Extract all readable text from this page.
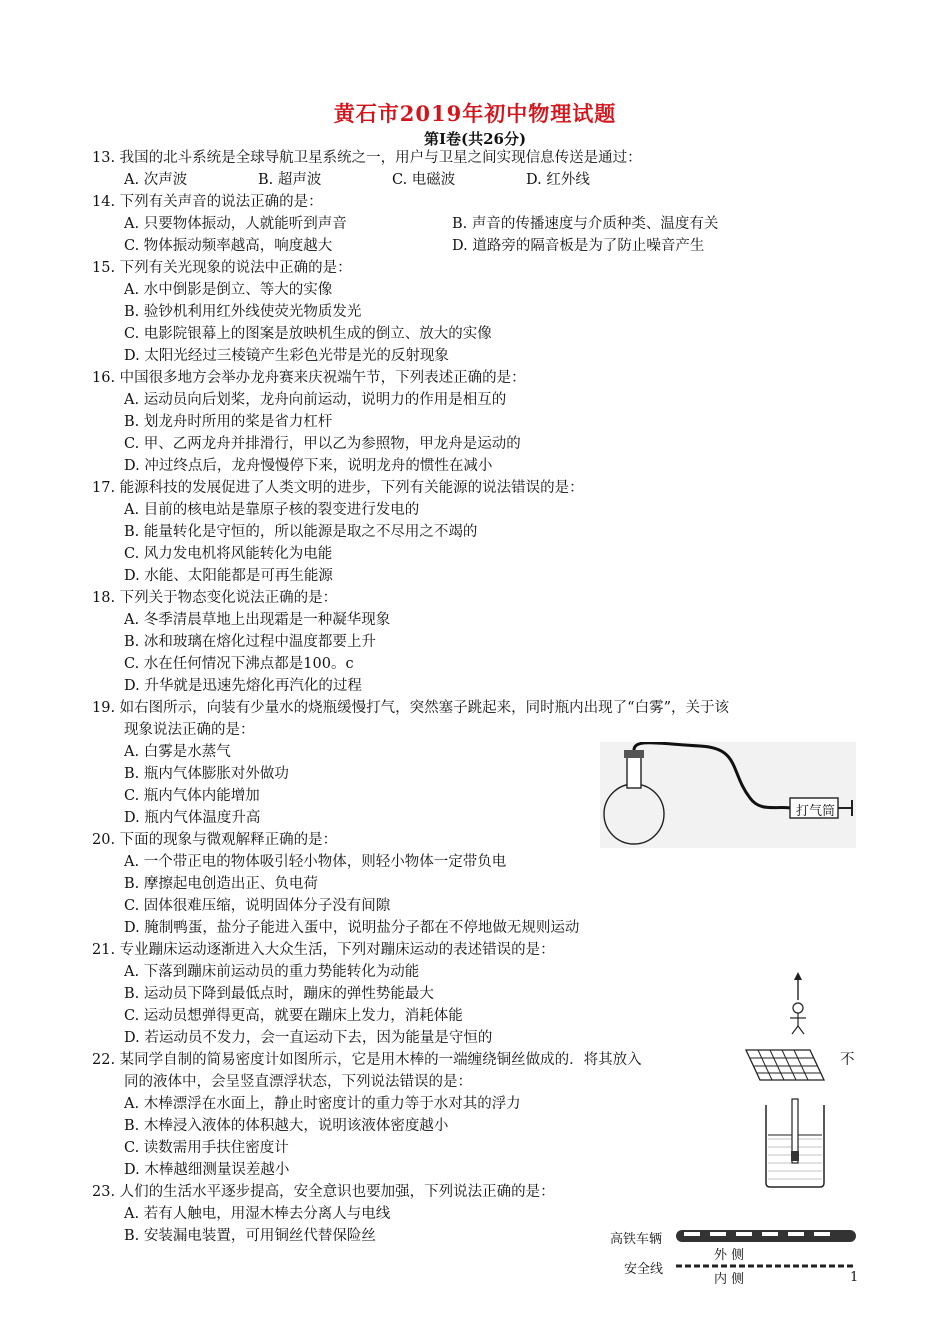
黄石市2019年初中物理试题
第I卷(共26分)
13. 我国的北斗系统是全球导航卫星系统之一，用户与卫星之间实现信息传送是通过：
A. 次声波	B. 超声波	C. 电磁波	D. 红外线
14. 下列有关声音的说法正确的是：
A. 只要物体振动，人就能听到声音	B. 声音的传播速度与介质种类、温度有关
C. 物体振动频率越高，响度越大	D. 道路旁的隔音板是为了防止噪音产生
15. 下列有关光现象的说法中正确的是：
A. 水中倒影是倒立、等大的实像
B. 验钞机利用红外线使荧光物质发光
C. 电影院银幕上的图案是放映机生成的倒立、放大的实像
D. 太阳光经过三棱镜产生彩色光带是光的反射现象
16. 中国很多地方会举办龙舟赛来庆祝端午节，下列表述正确的是：
A. 运动员向后划桨，龙舟向前运动，说明力的作用是相互的
B. 划龙舟时所用的桨是省力杠杆
C. 甲、乙两龙舟并排滑行，甲以乙为参照物，甲龙舟是运动的
D. 冲过终点后，龙舟慢慢停下来，说明龙舟的惯性在减小
17. 能源科技的发展促进了人类文明的进步，下列有关能源的说法错误的是：
A. 目前的核电站是靠原子核的裂变进行发电的
B. 能量转化是守恒的，所以能源是取之不尽用之不竭的
C. 风力发电机将风能转化为电能
D. 水能、太阳能都是可再生能源
18. 下列关于物态变化说法正确的是：
A. 冬季清晨草地上出现霜是一种凝华现象
B. 冰和玻璃在熔化过程中温度都要上升
C. 水在任何情况下沸点都是100。c
D. 升华就是迅速先熔化再汽化的过程
19. 如右图所示，向装有少量水的烧瓶缓慢打气，突然塞子跳起来，同时瓶内出现了“白雾”，关于该
现象说法正确的是：
A. 白雾是水蒸气
B. 瓶内气体膨胀对外做功
C. 瓶内气体内能增加
D. 瓶内气体温度升高	打气筒
20. 下面的现象与微观解释正确的是：
A. 一个带正电的物体吸引轻小物体，则轻小物体一定带负电
B. 摩擦起电创造出正、负电荷
C. 固体很难压缩，说明固体分子没有间隙
D. 腌制鸭蛋，盐分子能进入蛋中，说明盐分子都在不停地做无规则运动
21. 专业蹦床运动逐渐进入大众生活，下列对蹦床运动的表述错误的是：
A. 下落到蹦床前运动员的重力势能转化为动能
B. 运动员下降到最低点时，蹦床的弹性势能最大
C. 运动员想弹得更高，就要在蹦床上发力，消耗体能
D. 若运动员不发力，会一直运动下去，因为能量是守恒的
22. 某同学自制的简易密度计如图所示，它是用木棒的一端缠绕铜丝做成的．将其放入	不
同的液体中，会呈竖直漂浮状态，下列说法错误的是：
A. 木棒漂浮在水面上，静止时密度计的重力等于水对其的浮力
B. 木棒浸入液体的体积越大，说明该液体密度越小
C. 读数需用手扶住密度计
D. 木棒越细测量误差越小
23. 人们的生活水平逐步提高，安全意识也要加强，下列说法正确的是：
A. 若有人触电，用湿木棒去分离人与电线
B. 安装漏电装置，可用铜丝代替保险丝	高铁车辆
外 侧
安全线
内 侧	1
